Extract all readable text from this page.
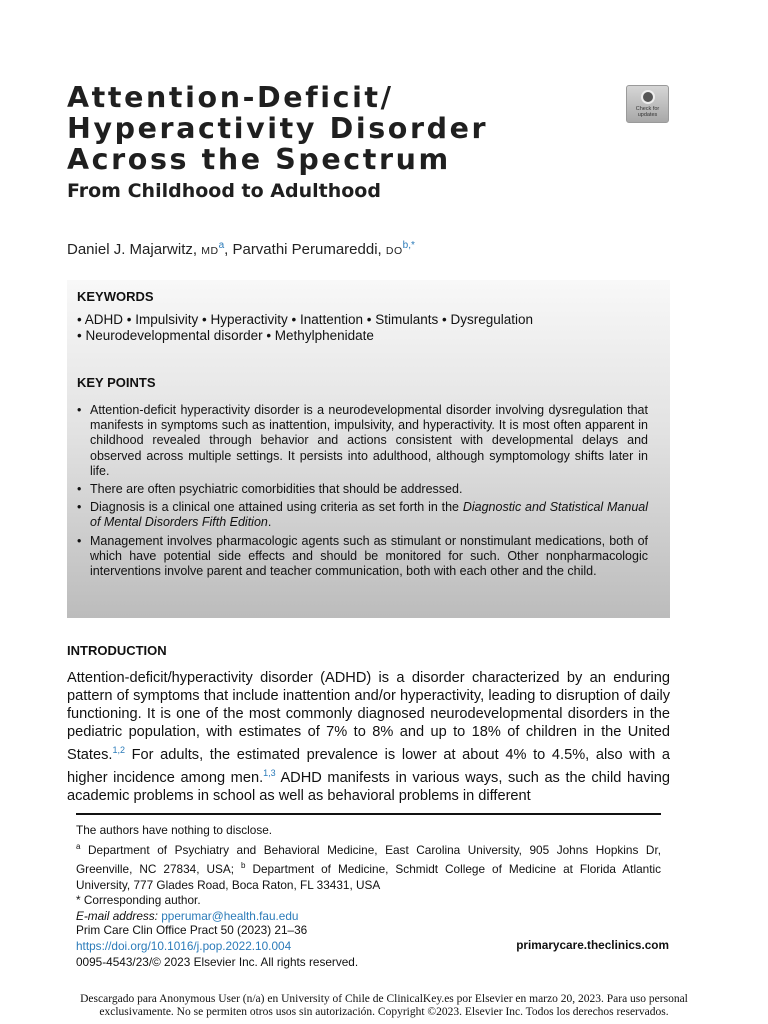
Attention-Deficit/
Hyperactivity Disorder
Across the Spectrum
From Childhood to Adulthood
Check for
updates
Daniel J. Majarwitz, $MD^a$, Parvathi Perumareddi, $DO^{b,*}$
KEYWORDS
• ADHD • Impulsivity • Hyperactivity • Inattention • Stimulants • Dysregulation
• Neurodevelopmental disorder • Methylphenidate
KEY POINTS
• Attention-deficit hyperactivity disorder is a neurodevelopmental disorder involving dysregulation that manifests in symptoms such as inattention, impulsivity, and hyperactivity. It is most often apparent in childhood revealed through behavior and actions consistent with developmental delays and observed across multiple settings. It persists into adulthood, although symptomology shifts later in life.
• There are often psychiatric comorbidities that should be addressed.
• Diagnosis is a clinical one attained using criteria as set forth in the Diagnostic and Statistical Manual of Mental Disorders Fifth Edition.
• Management involves pharmacologic agents such as stimulant or nonstimulant medications, both of which have potential side effects and should be monitored for such. Other nonpharmacologic interventions involve parent and teacher communication, both with each other and the child.
INTRODUCTION

Attention-deficit/hyperactivity disorder (ADHD) is a disorder characterized by an enduring pattern of symptoms that include inattention and/or hyperactivity, leading to disruption of daily functioning. It is one of the most commonly diagnosed neurodevelopmental disorders in the pediatric population, with estimates of 7% to 8% and up to 18% of children in the United States.$^{1,2}$ For adults, the estimated prevalence is lower at about 4% to 4.5%, also with a higher incidence among men.$^{1,3}$ ADHD manifests in various ways, such as the child having academic problems in school as well as behavioral problems in different

The authors have nothing to disclose.

$^a$ Department of Psychiatry and Behavioral Medicine, East Carolina University, 905 Johns Hopkins Dr, Greenville, NC 27834, USA; $^b$ Department of Medicine, Schmidt College of Medicine at Florida Atlantic University, 777 Glades Road, Boca Raton, FL 33431, USA

* Corresponding author.

E-mail address: pperumar@health.fau.edu

Prim Care Clin Office Pract 50 (2023) 21–36
https://doi.org/10.1016/j.pop.2022.10.004
0095-4543/23/© 2023 Elsevier Inc. All rights reserved.
primarycare.theclinics.com
Descargado para Anonymous User (n/a) en University of Chile de ClinicalKey.es por Elsevier en marzo 20, 2023. Para uso personal
exclusivamente. No se permiten otros usos sin autorización. Copyright ©2023. Elsevier Inc. Todos los derechos reservados.
